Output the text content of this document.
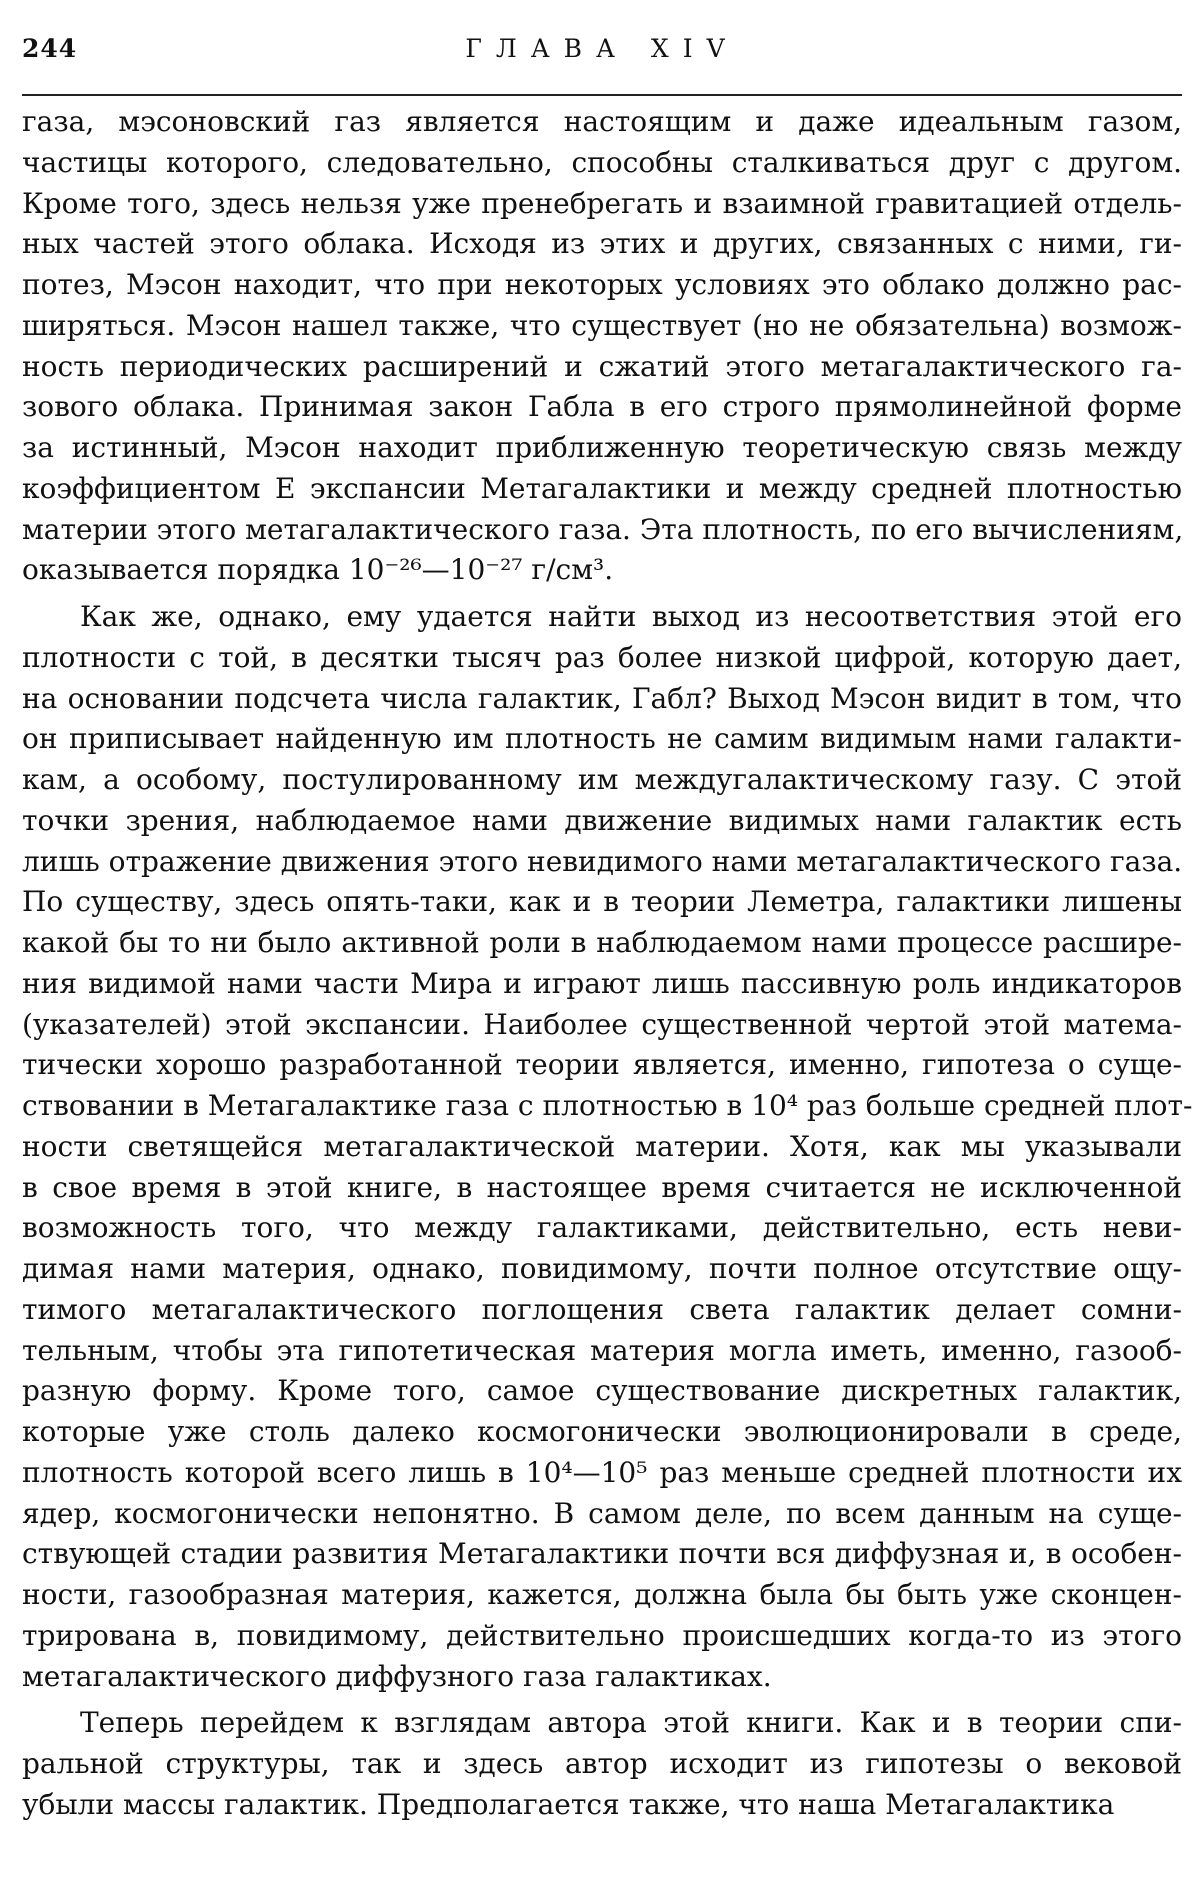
244	ГЛАВА XIV
газа, мэсоновский газ является настоящим и даже идеальным газом,
частицы которого, следовательно, способны сталкиваться друг с другом.
Кроме того, здесь нельзя уже пренебрегать и взаимной гравитацией отдель-
ных частей этого облака. Исходя из этих и других, связанных с ними, ги-
потез, Мэсон находит, что при некоторых условиях это облако должно рас-
ширяться. Мэсон нашел также, что существует (но не обязательна) возмож-
ность периодических расширений и сжатий этого метагалактического га-
зового облака. Принимая закон Габла в его строго прямолинейной форме
за истинный, Мэсон находит приближенную теоретическую связь между
коэффициентом E экспансии Метагалактики и между средней плотностью
материи этого метагалактического газа. Эта плотность, по его вычислениям,
оказывается порядка 10⁻²⁶—10⁻²⁷ г/см³.
Как же, однако, ему удается найти выход из несоответствия этой его
плотности с той, в десятки тысяч раз более низкой цифрой, которую дает,
на основании подсчета числа галактик, Габл? Выход Мэсон видит в том, что
он приписывает найденную им плотность не самим видимым нами галакти-
кам, а особому, постулированному им междугалактическому газу. С этой
точки зрения, наблюдаемое нами движение видимых нами галактик есть
лишь отражение движения этого невидимого нами метагалактического газа.
По существу, здесь опять-таки, как и в теории Леметра, галактики лишены
какой бы то ни было активной роли в наблюдаемом нами процессе расшире-
ния видимой нами части Мира и играют лишь пассивную роль индикаторов
(указателей) этой экспансии. Наиболее существенной чертой этой матема-
тически хорошо разработанной теории является, именно, гипотеза о суще-
ствовании в Метагалактике газа с плотностью в 10⁴ раз больше средней плот-
ности светящейся метагалактической материи. Хотя, как мы указывали
в свое время в этой книге, в настоящее время считается не исключенной
возможность того, что между галактиками, действительно, есть неви-
димая нами материя, однако, повидимому, почти полное отсутствие ощу-
тимого метагалактического поглощения света галактик делает сомни-
тельным, чтобы эта гипотетическая материя могла иметь, именно, газооб-
разную форму. Кроме того, самое существование дискретных галактик,
которые уже столь далеко космогонически эволюционировали в среде,
плотность которой всего лишь в 10⁴—10⁵ раз меньше средней плотности их
ядер, космогонически непонятно. В самом деле, по всем данным на суще-
ствующей стадии развития Метагалактики почти вся диффузная и, в особен-
ности, газообразная материя, кажется, должна была бы быть уже сконцен-
трирована в, повидимому, действительно происшедших когда-то из этого
метагалактического диффузного газа галактиках.
Теперь перейдем к взглядам автора этой книги. Как и в теории спи-
ральной структуры, так и здесь автор исходит из гипотезы о вековой
убыли массы галактик. Предполагается также, что наша Метагалактика
